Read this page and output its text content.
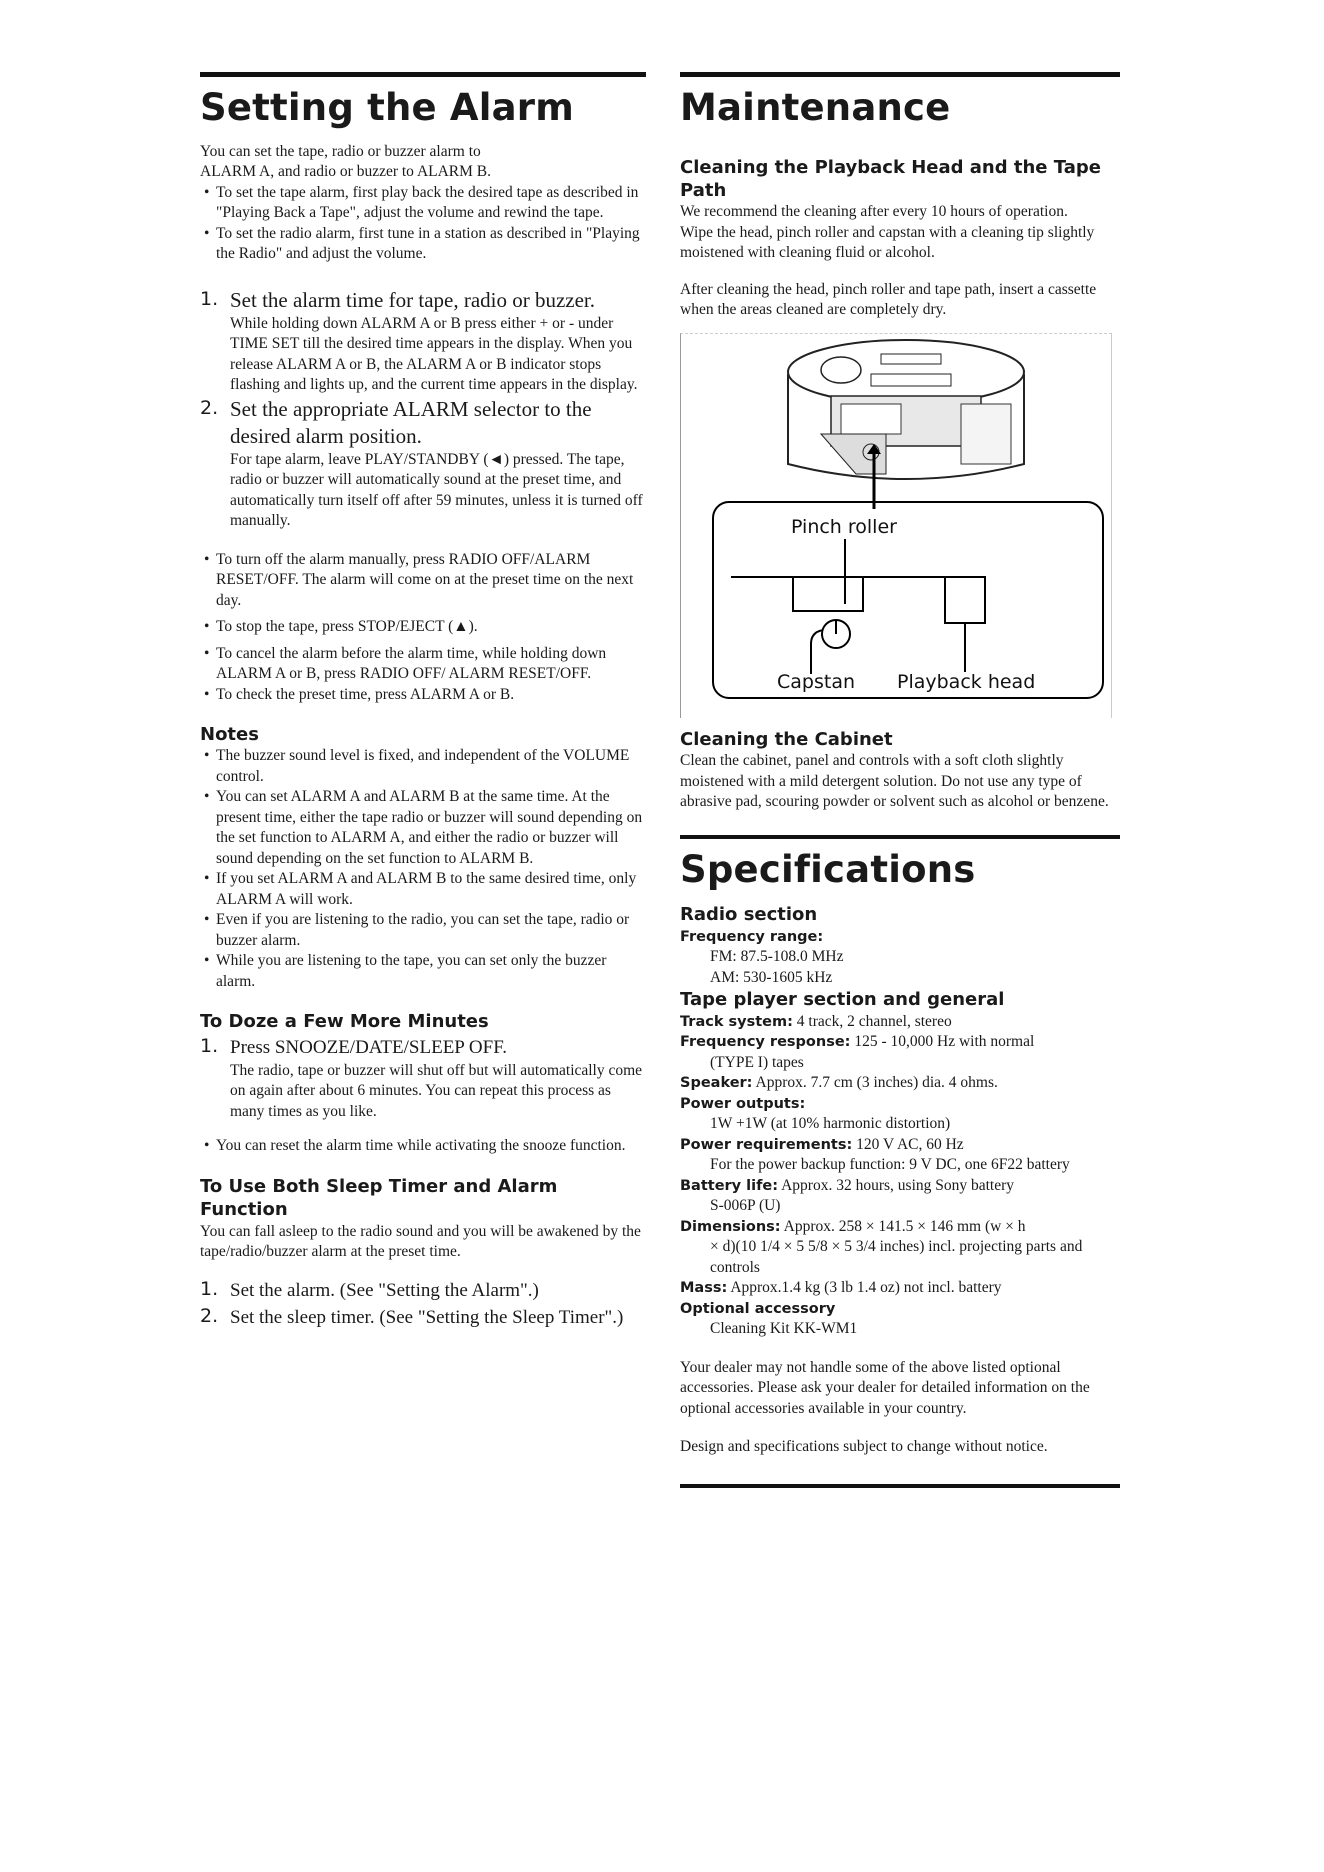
Setting the Alarm

You can set the tape, radio or buzzer alarm to

ALARM A, and radio or buzzer to ALARM B.

• To set the tape alarm, first play back the desired tape as described in "Playing Back a Tape", adjust the volume and rewind the tape.

• To set the radio alarm, first tune in a station as described in "Playing the Radio" and adjust the volume.

1. Set the alarm time for tape, radio or buzzer.
While holding down ALARM A or B press either + or - under TIME SET till the desired time appears in the display. When you release ALARM A or B, the ALARM A or B indicator stops flashing and lights up, and the current time appears in the display.
2. Set the appropriate ALARM selector to the desired alarm position.
For tape alarm, leave PLAY/STANDBY (◄) pressed. The tape, radio or buzzer will automatically sound at the preset time, and automatically turn itself off after 59 minutes, unless it is turned off manually.

• To turn off the alarm manually, press RADIO OFF/ALARM RESET/OFF. The alarm will come on at the preset time on the next day.

• To stop the tape, press STOP/EJECT (▲).

• To cancel the alarm before the alarm time, while holding down ALARM A or B, press RADIO OFF/ ALARM RESET/OFF.

• To check the preset time, press ALARM A or B.

Notes

• The buzzer sound level is fixed, and independent of the VOLUME control.

• You can set ALARM A and ALARM B at the same time. At the present time, either the tape radio or buzzer will sound depending on the set function to ALARM A, and either the radio or buzzer will sound depending on the set function to ALARM B.

• If you set ALARM A and ALARM B to the same desired time, only ALARM A will work.

• Even if you are listening to the radio, you can set the tape, radio or buzzer alarm.

• While you are listening to the tape, you can set only the buzzer alarm.

To Doze a Few More Minutes
1. Press SNOOZE/DATE/SLEEP OFF.
The radio, tape or buzzer will shut off but will automatically come on again after about 6 minutes. You can repeat this process as many times as you like.

• You can reset the alarm time while activating the snooze function.

To Use Both Sleep Timer and Alarm Function

You can fall asleep to the radio sound and you will be awakened by the tape/radio/buzzer alarm at the preset time.

1. Set the alarm. (See "Setting the Alarm".)
2. Set the sleep timer. (See "Setting the Sleep Timer".)
Maintenance
Cleaning the Playback Head and the Tape Path

We recommend the cleaning after every 10 hours of operation.

Wipe the head, pinch roller and capstan with a cleaning tip slightly moistened with cleaning fluid or alcohol.

After cleaning the head, pinch roller and tape path, insert a cassette when the areas cleaned are completely dry.

Pinch roller
Capstan Playback head
Cleaning the Cabinet

Clean the cabinet, panel and controls with a soft cloth slightly moistened with a mild detergent solution. Do not use any type of abrasive pad, scouring powder or solvent such as alcohol or benzene.

Specifications
Radio section

Frequency range:

FM: 87.5-108.0 MHz

AM: 530-1605 kHz

Tape player section and general

Track system: 4 track, 2 channel, stereo

Frequency response: 125 - 10,000 Hz with normal

(TYPE I) tapes

Speaker: Approx. 7.7 cm (3 inches) dia. 4 ohms.

Power outputs:

1W +1W (at 10% harmonic distortion)

Power requirements: 120 V AC, 60 Hz

For the power backup function: 9 V DC, one 6F22 battery

Battery life: Approx. 32 hours, using Sony battery

S-006P (U)

Dimensions: Approx. 258 × 141.5 × 146 mm (w × h

× d)(10 1/4 × 5 5/8 × 5 3/4 inches) incl. projecting parts and controls

Mass: Approx.1.4 kg (3 lb 1.4 oz) not incl. battery

Optional accessory

Cleaning Kit KK-WM1

Your dealer may not handle some of the above listed optional accessories. Please ask your dealer for detailed information on the optional accessories available in your country.

Design and specifications subject to change without notice.
